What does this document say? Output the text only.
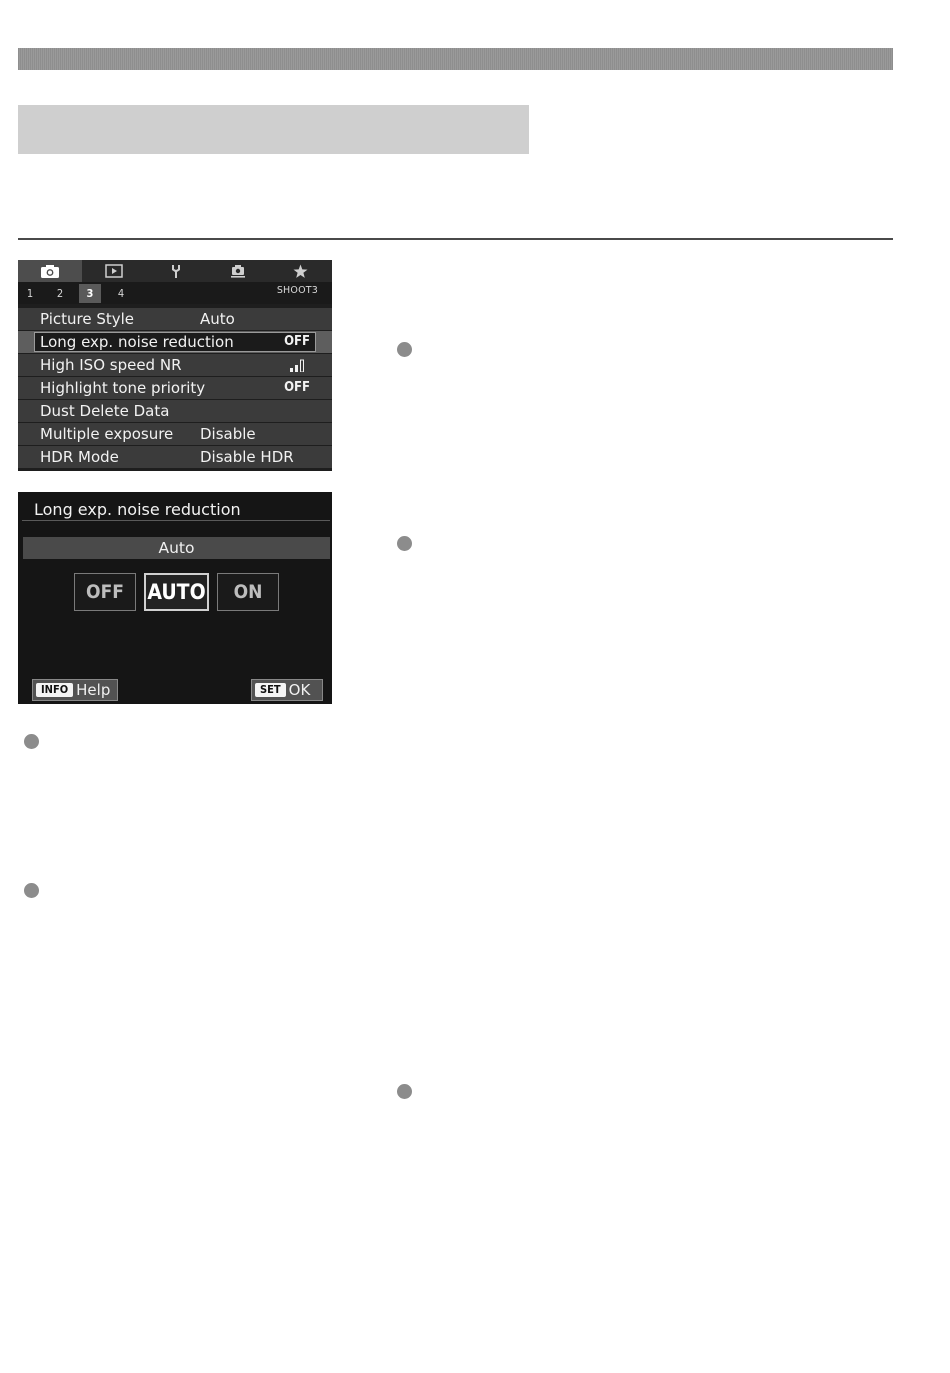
1	2	3	4	SHOOT3
Picture Style	Auto
Long exp. noise reduction	OFF
High ISO speed NR
Highlight tone priority	OFF
Dust Delete Data
Multiple exposure Disable
HDR Mode	Disable HDR
Long exp. noise reduction
Auto
OFF	AUTO	ON
INFO Help	SET OK
